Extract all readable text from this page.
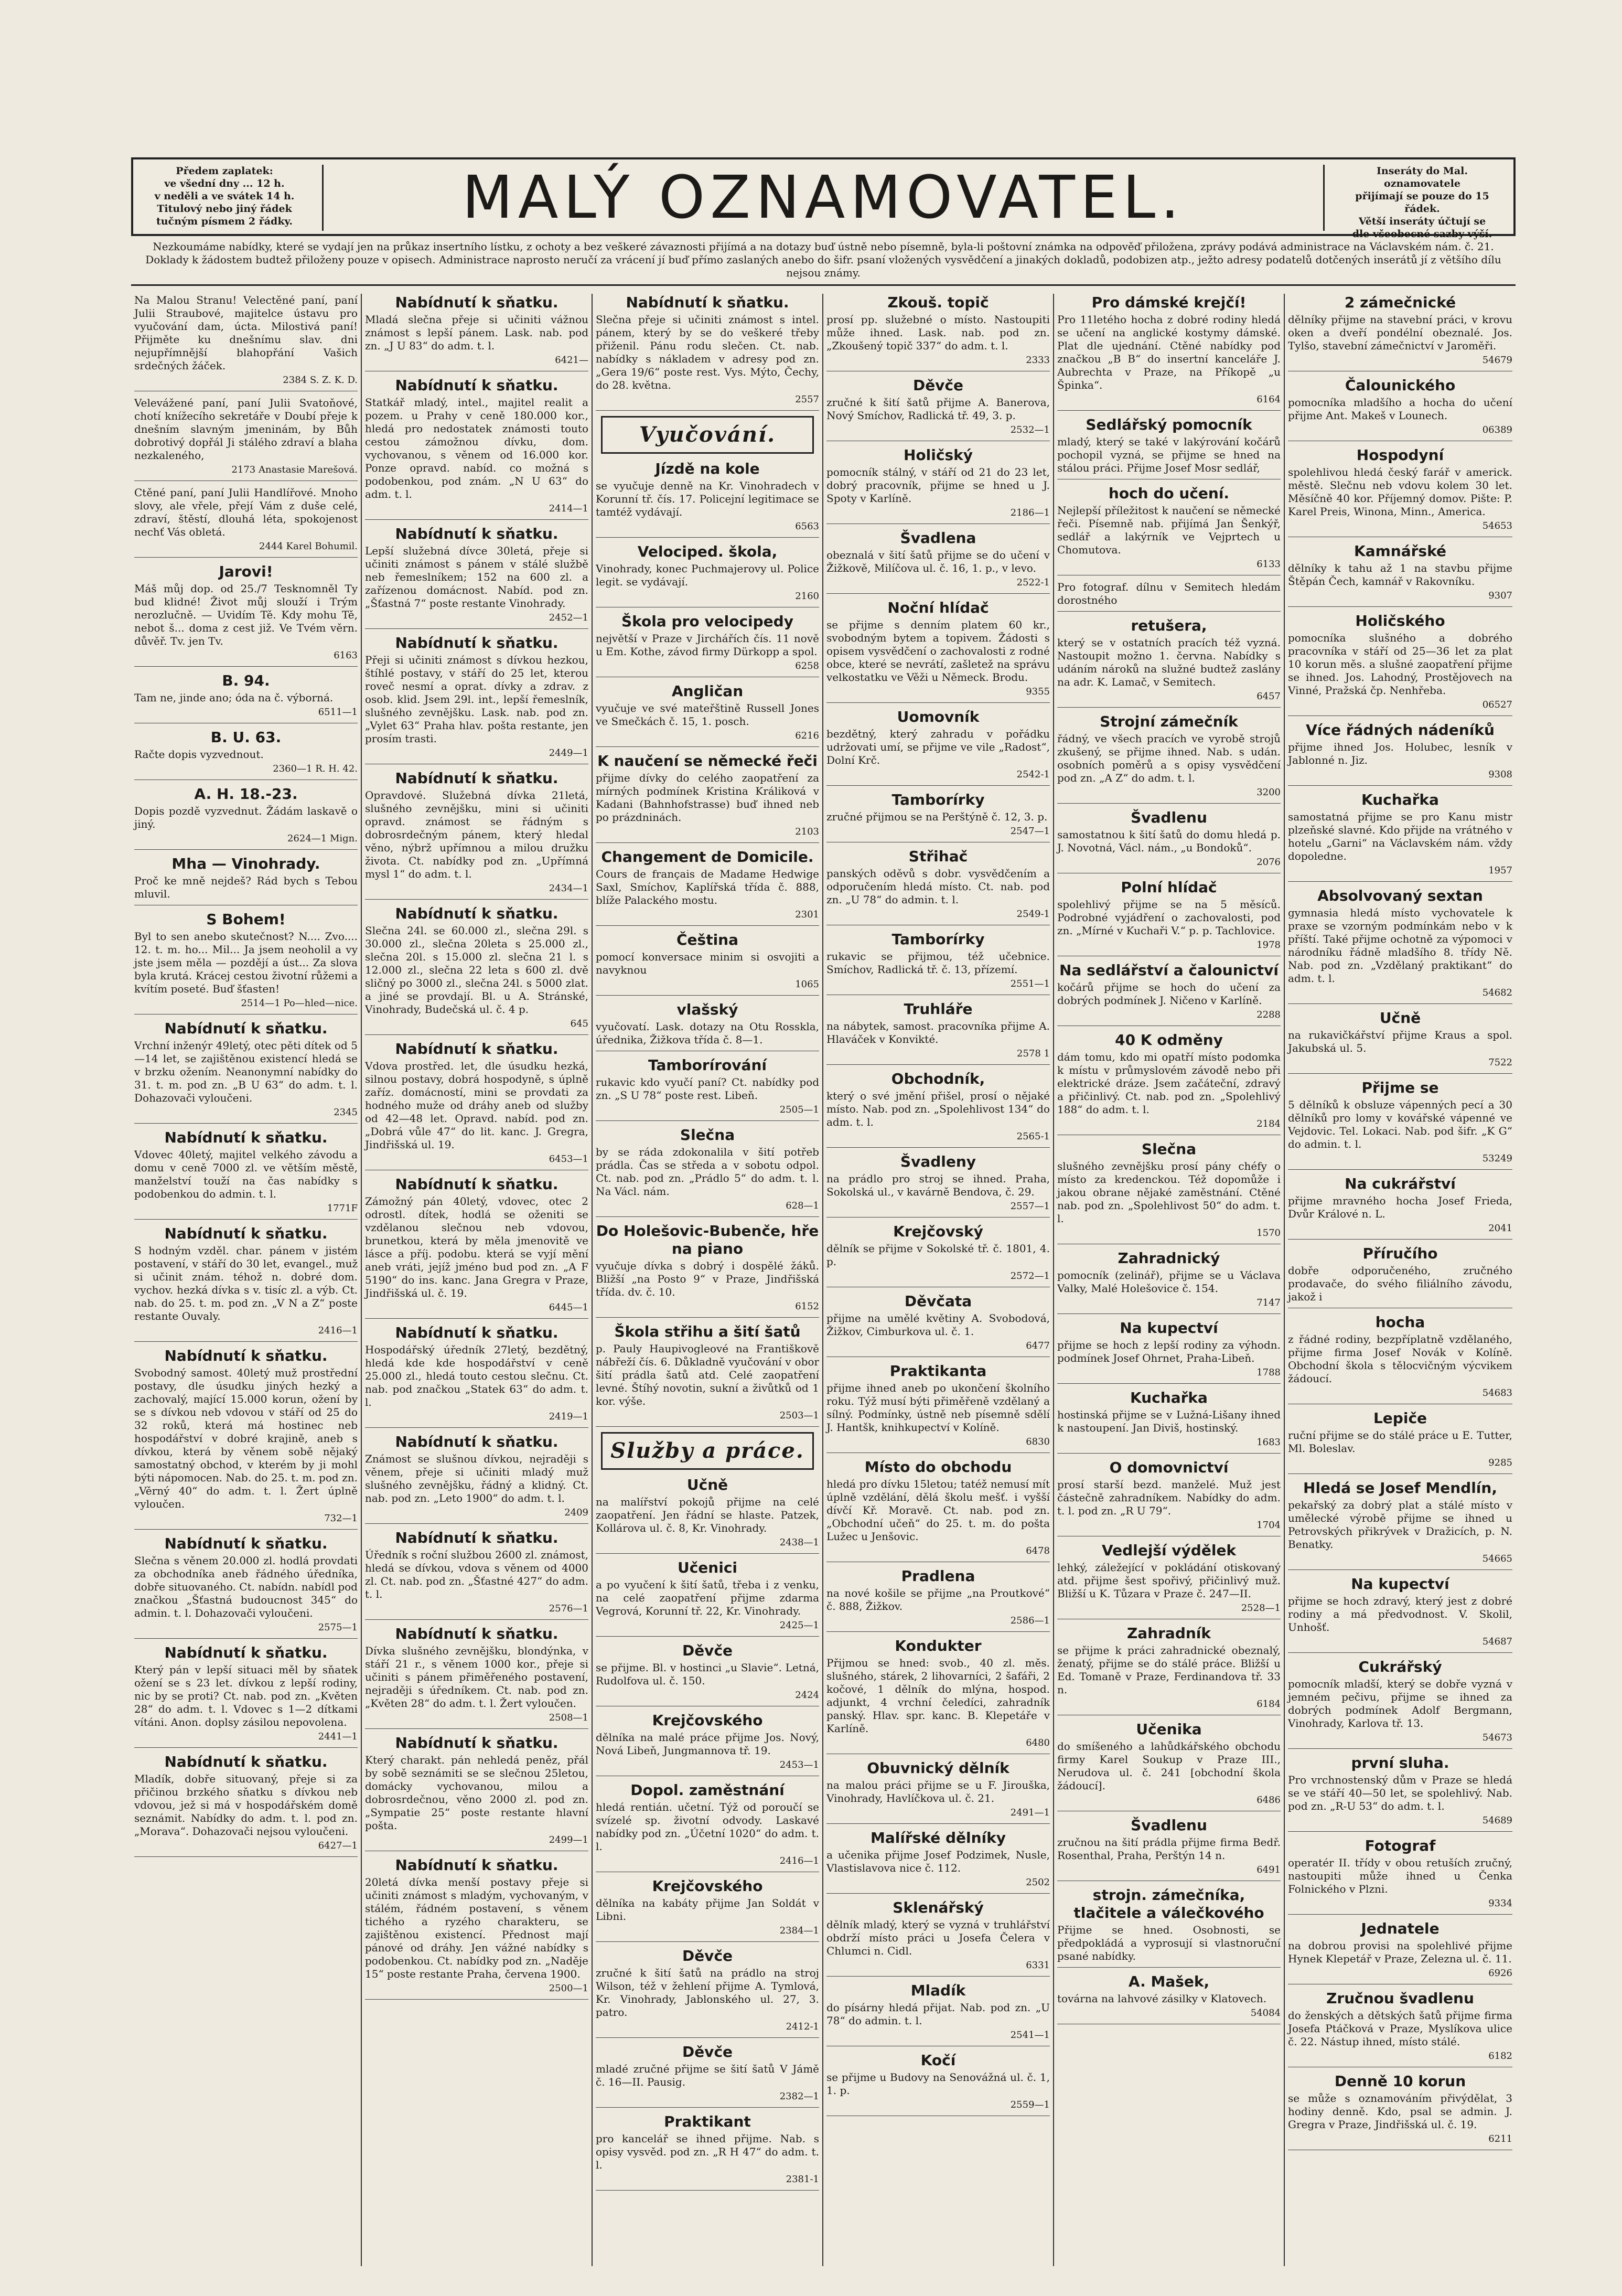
Předem zaplatek:
ve všední dny ... 12 h.
v neděli a ve svátek 14 h.
Titulový nebo jiný řádek tučným písmem 2 řádky.	MALÝ OZNAMOVATEL.	Inseráty do Mal. oznamovatele
přijímají se pouze do 15 řádek.
Větší inseráty účtují se
dle všeobecné sazby výší.
Nezkoumáme nabídky, které se vydají jen na průkaz insertního lístku, z ochoty a bez veškeré závaznosti přijímá a na dotazy buď ústně nebo písemně, byla-li poštovní známka na odpověď přiložena, zprávy podává administrace na Václavském nám. č. 21. Doklady k žádostem budtež přiloženy pouze v opisech. Administrace naprosto neručí za vrácení jí buď přímo zaslaných anebo do šifr. psaní vložených vysvědčení a jinakých dokladů, podobizen atp., ježto adresy podatelů dotčených inserátů jí z většího dílu nejsou známy.
Na Malou Stranu! Velectěné paní, paní Julii Straubové, majitelce ústavu pro vyučování dam, úcta. Milostivá paní! Přijměte ku dnešnímu slav. dni nejupřímnější blahopřání Vašich srdečných žáček.
2384 S. Z. K. D.
Velevážené paní, paní Julii Svatoňové, chotí knížecího sekretáře v Doubí přeje k dnešním slavným jmeninám, by Bůh dobrotivý dopřál Ji stálého zdraví a blaha nezkaleného,
2173 Anastasie Marešová.
Ctěné paní, paní Julii Handlířové. Mnoho slovy, ale vřele, přejí Vám z duše celé, zdraví, štěstí, dlouhá léta, spokojenost nechť Vás obletá.
2444 Karel Bohumil.
Jarovi!
Máš můj dop. od 25./7 Tesknomněl Ty bud klidné! Život můj slouží i Trým nerozlučně. — Uvidím Tě. Kdy mohu Tě, nebot š... doma z cest již. Ve Tvém věrn. důvěř. Tv. jen Tv.
6163
B. 94.
Tam ne, jinde ano; óda na č. výborná.
6511—1
B. U. 63.
Račte dopis vyzvednout.
2360—1 R. H. 42.
A. H. 18.-23.
Dopis pozdě vyzvednut. Žádám laskavě o jiný.
2624—1 Mign.
Mha — Vinohrady.
Proč ke mně nejdeš? Rád bych s Tebou mluvil.
S Bohem!
Byl to sen anebo skutečnost? N.... Zvo.... 12. t. m. ho... Mil... Ja jsem neoholil a vy jste jsem měla — pozdějí a úst... Za slova byla krutá. Krácej cestou životní růžemi a kvítím poseté. Buď šťasten!
2514—1 Po—hled—nice.
Nabídnutí k sňatku.
Vrchní inženýr 49letý, otec pěti dítek od 5—14 let, se zajištěnou existencí hledá se v brzku ožením. Neanonymní nabídky do 31. t. m. pod zn. „B U 63“ do adm. t. l. Dohazovači vyloučeni.
2345
Nabídnutí k sňatku.
Vdovec 40letý, majitel velkého závodu a domu v ceně 7000 zl. ve větším městě, manželství touží na čas nabídky s podobenkou do admin. t. l.
1771F
Nabídnutí k sňatku.
S hodným vzděl. char. pánem v jistém postavení, v stáří do 30 let, evangel., muž si učinit znám. téhož n. dobré dom. vychov. hezká dívka s v. tisíc zl. a výb. Ct. nab. do 25. t. m. pod zn. „V N a Z“ poste restante Ouvaly.
2416—1
Nabídnutí k sňatku.
Svobodný samost. 40letý muž prostřední postavy, dle úsudku jiných hezký a zachovalý, mající 15.000 korun, ožení by se s dívkou neb vdovou v stáří od 25 do 32 roků, která má hostinec neb hospodářství v dobré krajině, aneb s dívkou, která by věnem sobě nějaký samostatný obchod, v kterém by ji mohl býti nápomocen. Nab. do 25. t. m. pod zn. „Věrný 40“ do adm. t. l. Žert úplně vyloučen.
732—1
Nabídnutí k sňatku.
Slečna s věnem 20.000 zl. hodlá provdati za obchodníka aneb řádného úředníka, dobře situovaného. Ct. nabídn. nabídl pod značkou „Šťastná budoucnost 345“ do admin. t. l. Dohazovači vyloučeni.
2575—1
Nabídnutí k sňatku.
Který pán v lepší situaci měl by sňatek ožení se s 23 let. dívkou z lepší rodiny, nic by se proti? Ct. nab. pod zn. „Květen 28“ do adm. t. l. Vdovec s 1—2 dítkami vítáni. Anon. doplsy zásilou nepovolena.
2441—1
Nabídnutí k sňatku.
Mladík, dobře situovaný, přeje si za přičinou brzkého sňatku s dívkou neb vdovou, jež si má v hospodářském domě seznámit. Nabídky do adm. t. l. pod zn. „Morava“. Dohazovači nejsou vyloučeni.
6427—1
Nabídnutí k sňatku.
Mladá slečna přeje si učiniti vážnou známost s lepší pánem. Lask. nab. pod zn. „J U 83“ do adm. t. l.
6421—
Nabídnutí k sňatku.
Statkář mladý, intel., majitel realit a pozem. u Prahy v ceně 180.000 kor., hledá pro nedostatek známosti touto cestou zámožnou dívku, dom. vychovanou, s věnem od 16.000 kor. Ponze opravd. nabíd. co možná s podobenkou, pod znám. „N U 63“ do adm. t. l.
2414—1
Nabídnutí k sňatku.
Lepší služebná dívce 30letá, přeje si učiniti známost s pánem v stálé službě neb řemeslníkem; 152 na 600 zl. a zařízenou domácnost. Nabíd. pod zn. „Šťastná 7“ poste restante Vinohrady.
2452—1
Nabídnutí k sňatku.
Přeji si učiniti známost s dívkou hezkou, štíhlé postavy, v stáří do 25 let, kterou roveč nesmí a oprat. dívky a zdrav. z osob. klid. Jsem 29l. int., lepší řemeslník, slušného zevnějšku. Lask. nab. pod zn. „Vylet 63“ Praha hlav. pošta restante, jen prosím trasti.
2449—1
Nabídnutí k sňatku.
Opravdové. Služebná dívka 21letá, slušného zevnějšku, mini si učiniti opravd. známost se řádným s dobrosrdečným pánem, který hledal věno, nýbrž upřímnou a milou družku života. Ct. nabídky pod zn. „Upřímná mysl 1“ do adm. t. l.
2434—1
Nabídnutí k sňatku.
Slečna 24l. se 60.000 zl., slečna 29l. s 30.000 zl., slečna 20leta s 25.000 zl., slečna 20l. s 15.000 zl. slečna 21 l. s 12.000 zl., slečna 22 leta s 600 zl. dvě sličný po 3000 zl., slečna 24l. s 5000 zlat. a jiné se provdají. Bl. u A. Stránské, Vinohrady, Budečská ul. č. 4 p.
645
Nabídnutí k sňatku.
Vdova prostřed. let, dle úsudku hezká, silnou postavy, dobrá hospodyně, s úplně zaříz. domácností, mini se provdati za hodného muže od dráhy aneb od služby od 42—48 let. Opravd. nabíd. pod zn. „Dobrá vůle 47“ do lit. kanc. J. Gregra, Jindřišská ul. 19.
6453—1
Nabídnutí k sňatku.
Zámožný pán 40letý, vdovec, otec 2 odrostl. dítek, hodlá se oženiti se vzdělanou slečnou neb vdovou, brunetkou, která by měla jmenovitě ve lásce a příj. podobu. která se vyjí mění aneb vráti, jejíž jméno bud pod zn. „A F 5190“ do ins. kanc. Jana Gregra v Praze, Jindřišská ul. č. 19.
6445—1
Nabídnutí k sňatku.
Hospodářský úředník 27letý, bezdětný, hledá kde kde hospodářství v ceně 25.000 zl., hledá touto cestou slečnu. Ct. nab. pod značkou „Statek 63“ do adm. t. l.
2419—1
Nabídnutí k sňatku.
Známost se slušnou dívkou, nejraději s věnem, přeje si učiniti mladý muž slušného zevnějšku, řádný a klidný. Ct. nab. pod zn. „Leto 1900“ do adm. t. l.
2409
Nabídnutí k sňatku.
Úředník s roční službou 2600 zl. známost, hledá se dívkou, vdova s věnem od 4000 zl. Ct. nab. pod zn. „Šťastné 427“ do adm. t. l.
2576—1
Nabídnutí k sňatku.
Dívka slušného zevnějšku, blondýnka, v stáří 21 r., s věnem 1000 kor., přeje si učiniti s pánem přiměřeného postavení, nejraději s úředníkem. Ct. nab. pod zn. „Květen 28“ do adm. t. l. Žert vyloučen.
2508—1
Nabídnutí k sňatku.
Který charakt. pán nehledá peněz, přál by sobě seznámiti se se slečnou 25letou, domácky vychovanou, milou a dobrosrdečnou, věno 2000 zl. pod zn. „Sympatie 25“ poste restante hlavní pošta.
2499—1
Nabídnutí k sňatku.
20letá dívka menší postavy přeje si učiniti známost s mladým, vychovaným, v stálém, řádném postavení, s věnem tichého a ryzého charakteru, se zajištěnou existencí. Přednost mají pánové od dráhy. Jen vážné nabídky s podobenkou. Ct. nabídky pod zn. „Naděje 15“ poste restante Praha, červena 1900.
2500—1
Nabídnutí k sňatku.
Slečna přeje si učiniti známost s intel. pánem, který by se do veškeré třeby přiženil. Pánu rodu slečen. Ct. nab. nabídky s nákladem v adresy pod zn. „Gera 19/6“ poste rest. Vys. Mýto, Čechy, do 28. května.
2557
Vyučování.
Jízdě na kole
se vyučuje denně na Kr. Vinohradech v Korunní tř. čís. 17. Policejní legitimace se tamtéž vydávají.
6563
Velociped. škola,
Vinohrady, konec Puchmajerovy ul. Police legit. se vydávají.
2160
Škola pro velocipedy
největší v Praze v Jirchářích čís. 11 nově u Em. Kothe, závod firmy Dürkopp a spol.
6258
Angličan
vyučuje ve své mateřštině Russell Jones ve Smečkách č. 15, 1. posch.
6216
K naučení se německé řeči
přijme dívky do celého zaopatření za mírných podmínek Kristina Králiková v Kadani (Bahnhofstrasse) buď ihned neb po prázdninách.
2103
Changement de Domicile.
Cours de français de Madame Hedwige Saxl, Smíchov, Kaplířská třída č. 888, blíže Palackého mostu.
2301
Čeština
pomocí konversace minim si osvojiti a navyknou
1065
vlašský
vyučovatí. Lask. dotazy na Otu Rosskla, úřednika, Žižkova třída č. 8—1.
Tamborírování
rukavic kdo vyučí paní? Ct. nabídky pod zn. „S U 78“ poste rest. Libeň.
2505—1
Slečna
by se ráda zdokonalila v šití potřeb prádla. Čas se středa a v sobotu odpol. Ct. nab. pod zn. „Prádlo 5“ do adm. t. l. Na Václ. nám.
628—1
Do Holešovic-Bubenče, hře na piano
vyučuje dívka s dobrý i dospělé žáků. Bližší „na Posto 9“ v Praze, Jindřišská třída. dv. č. 10.
6152
Škola střihu a šití šatů
p. Pauly Haupivogleové na Františkově nábřeží čís. 6. Důkladně vyučování v obor šití prádla šatů atd. Celé zaopatření levné. Štíhý novotin, sukní a živůtků od 1 kor. výše.
2503—1
Služby a práce.
Učně
na malířství pokojů přijme na celé zaopatření. Jen řádní se hlaste. Patzek, Kollárova ul. č. 8, Kr. Vinohrady.
2438—1
Učenici
a po vyučení k šití šatů, třeba i z venku, na celé zaopatření přijme zdarma Vegrová, Korunní tř. 22, Kr. Vinohrady.
2425—1
Děvče
se přijme. Bl. v hostinci „u Slavie“. Letná, Rudolfova ul. č. 150.
2424
Krejčovského
dělníka na malé práce přijme Jos. Nový, Nová Libeň, Jungmannova tř. 19.
2453—1
Dopol. zaměstnání
hledá rentián. učetní. Týž od poroučí se svízelé sp. životní odvody. Laskavé nabídky pod zn. „Účetní 1020“ do adm. t. l.
2416—1
Krejčovského
dělníka na kabáty přijme Jan Soldát v Libni.
2384—1
Děvče
zručné k šití šatů na prádlo na stroj Wilson, též v žehlení přijme A. Tymlová, Kr. Vinohrady, Jablonského ul. 27, 3. patro.
2412-1
Děvče
mladé zručné přijme se šití šatů V Jámě č. 16—II. Pausig.
2382—1
Praktikant
pro kancelář se ihned přijme. Nab. s opisy vysvěd. pod zn. „R H 47“ do adm. t. l.
2381-1
Zkouš. topič
prosí pp. služebné o místo. Nastoupiti může ihned. Lask. nab. pod zn. „Zkoušený topič 337“ do adm. t. l.
2333
Děvče
zručné k šití šatů přijme A. Banerova, Nový Smíchov, Radlická tř. 49, 3. p.
2532—1
Holičský
pomocník stálný, v stáří od 21 do 23 let, dobrý pracovník, přijme se hned u J. Spoty v Karlíně.
2186—1
Švadlena
obeznalá v šití šatů přijme se do učení v Žižkově, Milíčova ul. č. 16, 1. p., v levo.
2522-1
Noční hlídač
se přijme s denním platem 60 kr., svobodným bytem a topivem. Žádosti s opisem vysvědčení o zachovalosti z rodné obce, které se nevrátí, zašletež na správu velkostatku ve Věži u Německ. Brodu.
9355
Uomovník
bezdětný, který zahradu v pořádku udržovati umí, se přijme ve vile „Radost“, Dolní Krč.
2542-1
Tamborírky
zručné přijmou se na Perštýně č. 12, 3. p.
2547—1
Střihač
panských oděvů s dobr. vysvědčením a odporučením hledá místo. Ct. nab. pod zn. „U 78“ do admin. t. l.
2549-1
Tamborírky
rukavic se přijmou, též učebnice. Smíchov, Radlická tř. č. 13, přízemí.
2551—1
Truhláře
na nábytek, samost. pracovníka přijme A. Hlaváček v Konvikté.
2578 1
Obchodník,
který o své jmění přišel, prosí o nějaké místo. Nab. pod zn. „Spolehlivost 134“ do adm. t. l.
2565-1
Švadleny
na prádlo pro stroj se ihned. Praha, Sokolská ul., v kavárně Bendova, č. 29.
2557—1
Krejčovský
dělník se přijme v Sokolské tř. č. 1801, 4. p.
2572—1
Děvčata
přijme na umělé květiny A. Svobodová, Žižkov, Cimburkova ul. č. 1.
6477
Praktikanta
přijme ihned aneb po ukončení školního roku. Týž musí býti přiměřeně vzdělaný a sílný. Podmínky, ústně neb písemně sdělí J. Hantšk, knihkupectví v Kolíně.
6830
Místo do obchodu
hledá pro dívku 15letou; tatéž nemusí mít úplně vzdělání, dělá školu mešť. i vyšší dívčí Kř. Moravě. Ct. nab. pod zn. „Obchodní učeň“ do 25. t. m. do pošta Lužec u Jenšovic.
6478
Pradlena
na nové košile se přijme „na Proutkové“ č. 888, Žižkov.
2586—1
Kondukter
Přijmou se hned: svob., 40 zl. měs. slušného, stárek, 2 lihovarníci, 2 šafáři, 2 kočové, 1 dělník do mlýna, hospod. adjunkt, 4 vrchní čeledíci, zahradník panský. Hlav. spr. kanc. B. Klepetáře v Karlíně.
6480
Obuvnický dělník
na malou práci přijme se u F. Jirouška, Vinohrady, Havlíčkova ul. č. 21.
2491—1
Malířské dělníky
a učenika přijme Josef Podzimek, Nusle, Vlastislavova nice č. 112.
2502
Sklenářský
dělník mladý, který se vyzná v truhlářství obdrží místo práci u Josefa Čelera v Chlumci n. Cidl.
6331
Mladík
do písárny hledá přijat. Nab. pod zn. „U 78“ do admin. t. l.
2541—1
Kočí
se přijme u Budovy na Senovážná ul. č. 1, 1. p.
2559—1
Pro dámské krejčí!
Pro 11letého hocha z dobré rodiny hledá se učení na anglické kostymy dámské. Plat dle ujednání. Ctěné nabídky pod značkou „B B“ do insertní kanceláře J. Aubrechta v Praze, na Příkopě „u Špinka“.
6164
Sedlářský pomocník
mladý, který se také v lakýrování kočárů pochopil vyzná, se přijme se hned na stálou práci. Přijme Josef Mosr sedlář,
hoch do učení.
Nejlepší příležitost k naučení se německé řeči. Písemně nab. přijímá Jan Šenkýř, sedlář a lakýrník ve Vejprtech u Chomutova.
6133
Pro fotograf. dílnu v Semitech hledám dorostného
retušera,
který se v ostatních pracích též vyzná. Nastoupit možno 1. června. Nabídky s udáním nároků na služné budtež zaslány na adr. K. Lamač, v Semitech.
6457
Strojní zámečník
řádný, ve všech pracích ve vyrobě strojů zkušený, se přijme ihned. Nab. s udán. osobních poměrů a s opisy vysvědčení pod zn. „A Z“ do adm. t. l.
3200
Švadlenu
samostatnou k šití šatů do domu hledá p. J. Novotná, Václ. nám., „u Bondoků“.
2076
Polní hlídač
spolehlivý přijme se na 5 měsíců. Podrobné vyjádření o zachovalosti, pod zn. „Mírné v Kuchaři V.“ p. p. Tachlovice.
1978
Na sedlářství a čalounictví
kočárů přijme se hoch do učení za dobrých podmínek J. Ničeno v Karlíně.
2288
40 K odměny
dám tomu, kdo mi opatří místo podomka k místu v průmyslovém závodě nebo při elektrické dráze. Jsem začáteční, zdravý a přičinlivý. Ct. nab. pod zn. „Spolehlivý 188“ do adm. t. l.
2184
Slečna
slušného zevnějšku prosí pány chéfy o místo za kredenckou. Též dopomůže i jakou obrane nějaké zaměstnání. Ctěné nab. pod zn. „Spolehlivost 50“ do adm. t. l.
1570
Zahradnický
pomocník (zelinář), přijme se u Václava Valky, Malé Holešovice č. 154.
7147
Na kupectví
přijme se hoch z lepší rodiny za výhodn. podmínek Josef Ohrnet, Praha-Libeň.
1788
Kuchařka
hostinská přijme se v Lužná-Lišany ihned k nastoupení. Jan Diviš, hostinský.
1683
O domovnictví
prosí starší bezd. manželé. Muž jest částečně zahradníkem. Nabídky do adm. t. l. pod zn. „R U 79“.
1704
Vedlejší výdělek
lehký, záležející v pokládání otiskovaný atd. přijme šest spořivý, přičinlivý muž. Bližší u K. Tůzara v Praze č. 247—II.
2528—1
Zahradník
se přijme k práci zahradnické obeznalý, ženatý, přijme se do stálé práce. Bližší u Ed. Tomaně v Praze, Ferdinandova tř. 33 n.
6184
Učenika
do smíšeného a lahůdkářského obchodu firmy Karel Soukup v Praze III., Nerudova ul. č. 241 [obchodní škola žádoucí].
6486
Švadlenu
zručnou na šití prádla přijme firma Bedř. Rosenthal, Praha, Perštýn 14 n.
6491
strojn. zámečníka, tlačitele a válečkového
Přijme se hned. Osobnosti, se předpokládá a vyprosují si vlastnoruční psané nabídky.
A. Mašek,
továrna na lahvové zásilky v Klatovech.
54084
2 zámečnické
dělníky přijme na stavební práci, v krovu oken a dveří pondélní obeznalé. Jos. Tylšo, stavební zámečnictví v Jaroměři.
54679
Čalounického
pomocníka mladšího a hocha do učení přijme Ant. Makeš v Lounech.
06389
Hospodyní
spolehlivou hledá český farář v americk. městě. Slečnu neb vdovu kolem 30 let. Měsíčně 40 kor. Příjemný domov. Pište: P. Karel Preis, Winona, Minn., America.
54653
Kamnářské
dělníky k tahu až 1 na stavbu přijme Štěpán Čech, kamnář v Rakovníku.
9307
Holičského
pomocníka slušného a dobrého pracovníka v stáří od 25—36 let za plat 10 korun měs. a slušné zaopatření přijme se ihned. Jos. Lahodný, Prostějovech na Vinné, Pražská čp. Nenhřeba.
06527
Více řádných nádeníků
přijme ihned Jos. Holubec, lesník v Jablonné n. Jiz.
9308
Kuchařka
samostatná přijme se pro Kanu mistr plzeňské slavné. Kdo přijde na vrátného v hotelu „Garni“ na Václavském nám. vždy dopoledne.
1957
Absolvovaný sextan
gymnasia hledá místo vychovatele k praxe se vzorným podmínkám nebo v k příští. Také přijme ochotně za výpomoci v národníku řádně mladšího 8. třídy Ně. Nab. pod zn. „Vzdělaný praktikant“ do adm. t. l.
54682
Učně
na rukavičkářství přijme Kraus a spol. Jakubská ul. 5.
7522
Přijme se
5 dělníků k obsluze vápenných pecí a 30 dělníků pro lomy v kovářské vápenné ve Vejdovic. Tel. Lokaci. Nab. pod šifr. „K G“ do admin. t. l.
53249
Na cukrářství
přijme mravného hocha Josef Frieda, Dvůr Králové n. L.
2041
Příručího
dobře odporučeného, zručného prodavače, do svého filiálního závodu, jakož i
hocha
z řádné rodiny, bezpříplatně vzdělaného, přijme firma Josef Novák v Kolíně. Obchodní škola s tělocvičným výcvikem žádoucí.
54683
Lepiče
ruční přijme se do stálé práce u E. Tutter, Ml. Boleslav.
9285
Hledá se Josef Mendlín,
pekařský za dobrý plat a stálé místo v umělecké výrobě přijme se ihned u Petrovských přikrývek v Dražicích, p. N. Benatky.
54665
Na kupectví
přijme se hoch zdravý, který jest z dobré rodiny a má předvodnost. V. Skolil, Unhošť.
54687
Cukrářský
pomocník mladší, který se dobře vyzná v jemném pečivu, přijme se ihned za dobrých podmínek Adolf Bergmann, Vinohrady, Karlova tř. 13.
54673
první sluha.
Pro vrchnostenský dům v Praze se hledá se ve stáří 40—50 let, se spolehlivý. Nab. pod zn. „R-U 53“ do adm. t. l.
54689
Fotograf
operatér II. třídy v obou retuších zručný, nastoupiti může ihned u Čenka Folnického v Plzni.
9334
Jednatele
na dobrou provisi na spolehlivé přijme Hynek Klepetář v Praze, Zelezna ul. č. 11.
6926
Zručnou švadlenu
do ženských a dětských šatů přijme firma Josefa Ptáčková v Praze, Myslíkova ulice č. 22. Nástup ihned, místo stálé.
6182
Denně 10 korun
se může s oznamováním přivýdělat, 3 hodiny denně. Kdo, psal se admin. J. Gregra v Praze, Jindřišská ul. č. 19.
6211
